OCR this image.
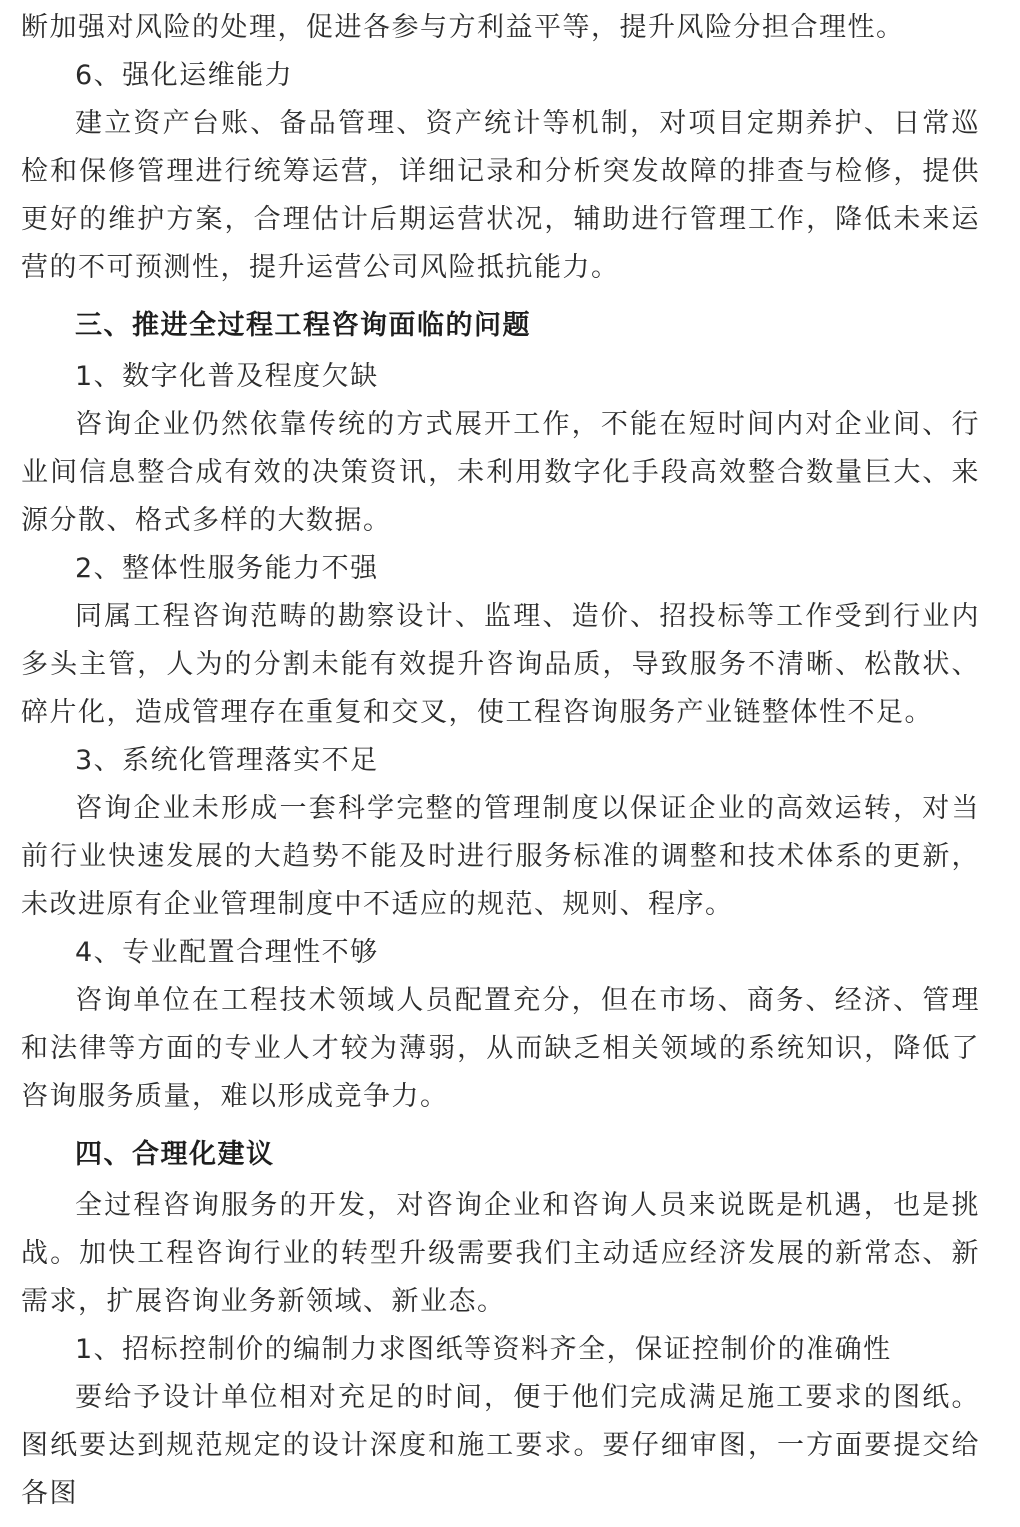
断加强对风险的处理，促进各参与方利益平等，提升风险分担合理性。

6、强化运维能力

建立资产台账、备品管理、资产统计等机制，对项目定期养护、日常巡检和保修管理进行统筹运营，详细记录和分析突发故障的排查与检修，提供更好的维护方案，合理估计后期运营状况，辅助进行管理工作，降低未来运营的不可预测性，提升运营公司风险抵抗能力。

三、推进全过程工程咨询面临的问题

1、数字化普及程度欠缺

咨询企业仍然依靠传统的方式展开工作，不能在短时间内对企业间、行业间信息整合成有效的决策资讯，未利用数字化手段高效整合数量巨大、来源分散、格式多样的大数据。

2、整体性服务能力不强

同属工程咨询范畴的勘察设计、监理、造价、招投标等工作受到行业内多头主管，人为的分割未能有效提升咨询品质，导致服务不清晰、松散状、碎片化，造成管理存在重复和交叉，使工程咨询服务产业链整体性不足。

3、系统化管理落实不足

咨询企业未形成一套科学完整的管理制度以保证企业的高效运转，对当前行业快速发展的大趋势不能及时进行服务标准的调整和技术体系的更新，未改进原有企业管理制度中不适应的规范、规则、程序。

4、专业配置合理性不够

咨询单位在工程技术领域人员配置充分，但在市场、商务、经济、管理和法律等方面的专业人才较为薄弱，从而缺乏相关领域的系统知识，降低了咨询服务质量，难以形成竞争力。

四、合理化建议

全过程咨询服务的开发，对咨询企业和咨询人员来说既是机遇，也是挑战。加快工程咨询行业的转型升级需要我们主动适应经济发展的新常态、新需求，扩展咨询业务新领域、新业态。

1、招标控制价的编制力求图纸等资料齐全，保证控制价的准确性

要给予设计单位相对充足的时间，便于他们完成满足施工要求的图纸。图纸要达到规范规定的设计深度和施工要求。要仔细审图，一方面要提交给各图
